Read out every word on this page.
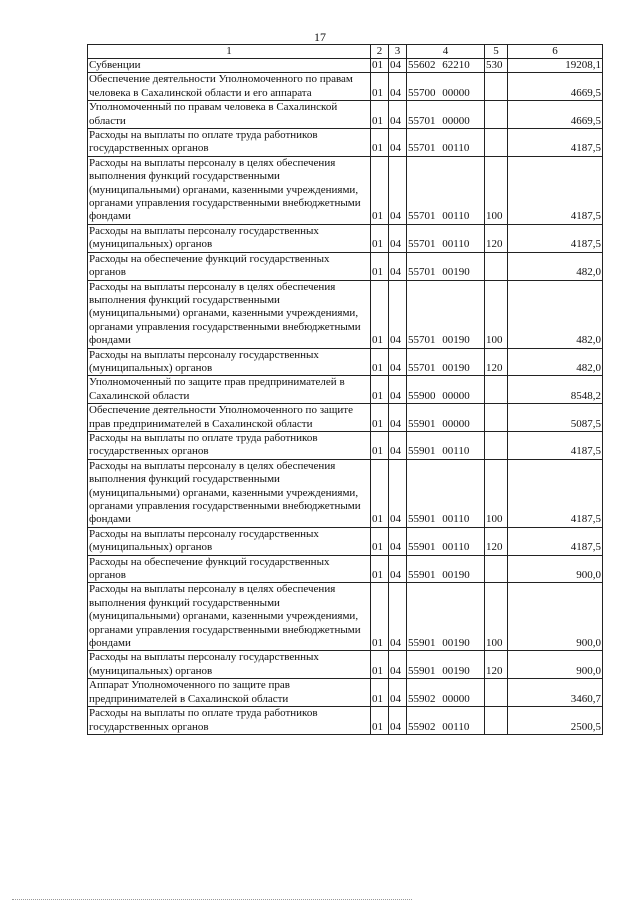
17
1	2	3	4	5	6
Субвенции	01	04	55602 62210	530	19208,1
Обеспечение деятельности Уполномоченного по правам человека в Сахалинской области и его аппарата	01	04	55700 00000		4669,5
Уполномоченный по правам человека в Сахалинской области	01	04	55701 00000		4669,5
Расходы на выплаты по оплате труда работников государственных органов	01	04	55701 00110		4187,5
Расходы на выплаты персоналу в целях обеспечения выполнения функций государственными (муниципальными) органами, казенными учреждениями, органами управления государственными внебюджетными фондами	01	04	55701 00110	100	4187,5
Расходы на выплаты персоналу государственных (муниципальных) органов	01	04	55701 00110	120	4187,5
Расходы на обеспечение функций государственных органов	01	04	55701 00190		482,0
Расходы на выплаты персоналу в целях обеспечения выполнения функций государственными (муниципальными) органами, казенными учреждениями, органами управления государственными внебюджетными фондами	01	04	55701 00190	100	482,0
Расходы на выплаты персоналу государственных (муниципальных) органов	01	04	55701 00190	120	482,0
Уполномоченный по защите прав предпринимателей в Сахалинской области	01	04	55900 00000		8548,2
Обеспечение деятельности Уполномоченного по защите прав предпринимателей в Сахалинской области	01	04	55901 00000		5087,5
Расходы на выплаты по оплате труда работников государственных органов	01	04	55901 00110		4187,5
Расходы на выплаты персоналу в целях обеспечения выполнения функций государственными (муниципальными) органами, казенными учреждениями, органами управления государственными внебюджетными фондами	01	04	55901 00110	100	4187,5
Расходы на выплаты персоналу государственных (муниципальных) органов	01	04	55901 00110	120	4187,5
Расходы на обеспечение функций государственных органов	01	04	55901 00190		900,0
Расходы на выплаты персоналу в целях обеспечения выполнения функций государственными (муниципальными) органами, казенными учреждениями, органами управления государственными внебюджетными фондами	01	04	55901 00190	100	900,0
Расходы на выплаты персоналу государственных (муниципальных) органов	01	04	55901 00190	120	900,0
Аппарат Уполномоченного по защите прав предпринимателей в Сахалинской области	01	04	55902 00000		3460,7
Расходы на выплаты по оплате труда работников государственных органов	01	04	55902 00110		2500,5
